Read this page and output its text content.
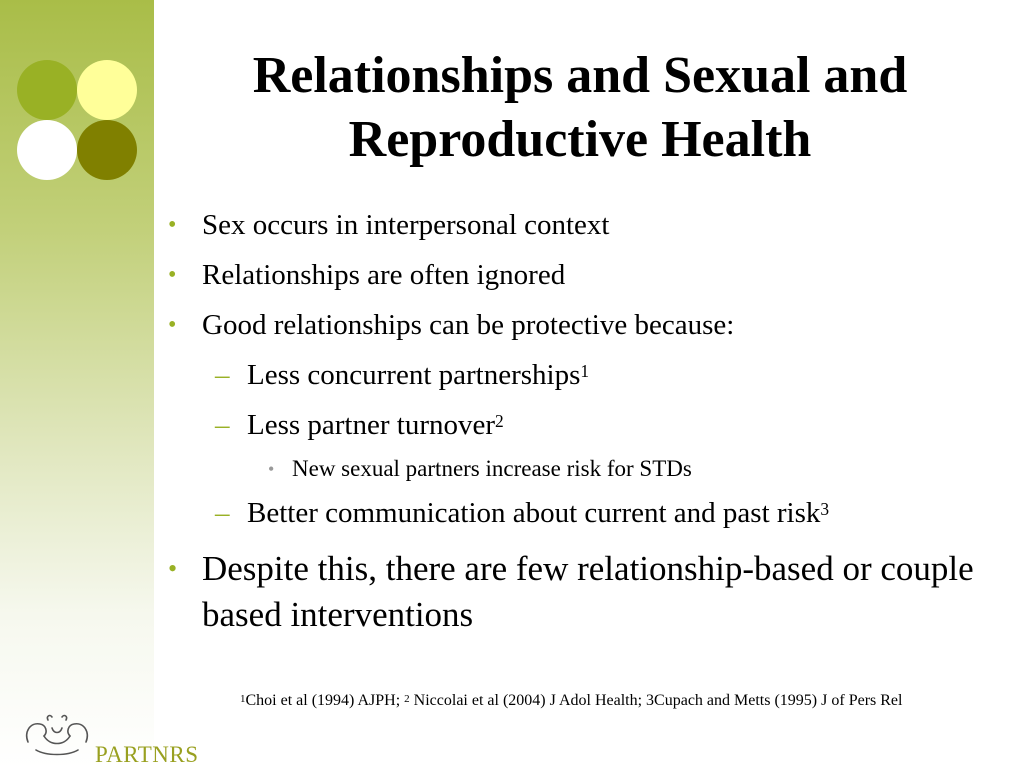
Relationships and Sexual and Reproductive Health
• Sex occurs in interpersonal context
• Relationships are often ignored
• Good relationships can be protective because:
– Less concurrent partnerships$^1$
– Less partner turnover$^2$
• New sexual partners increase risk for STDs
– Better communication about current and past risk$^3$
• Despite this, there are few relationship-based or couple based interventions
$^1$Choi et al (1994) AJPH; $^2$ Niccolai et al (2004) J Adol Health; 3Cupach and Metts (1995) J of Pers Rel
PARTNRS
